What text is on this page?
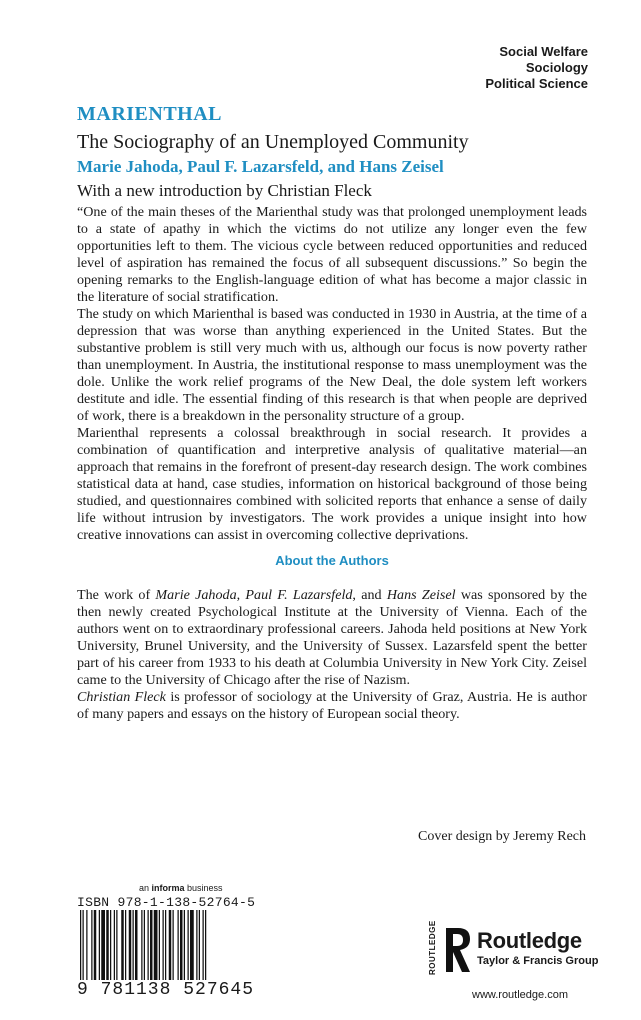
Social Welfare
Sociology
Political Science
MARIENTHAL
The Sociography of an Unemployed Community
Marie Jahoda, Paul F. Lazarsfeld, and Hans Zeisel
With a new introduction by Christian Fleck

“One of the main theses of the Marienthal study was that prolonged unemployment leads to a state of apathy in which the victims do not utilize any longer even the few opportunities left to them. The vicious cycle between reduced opportunities and reduced level of aspiration has remained the focus of all subsequent discussions.” So begin the opening remarks to the English-language edition of what has become a major classic in the literature of social stratification.

The study on which Marienthal is based was conducted in 1930 in Austria, at the time of a depression that was worse than anything experienced in the United States. But the substantive problem is still very much with us, although our focus is now poverty rather than unemployment. In Austria, the institutional response to mass unemployment was the dole. Unlike the work relief programs of the New Deal, the dole system left workers destitute and idle. The essential finding of this research is that when people are deprived of work, there is a breakdown in the personality structure of a group.

Marienthal represents a colossal breakthrough in social research. It provides a combination of quantification and interpretive analysis of qualitative material—an approach that remains in the forefront of present-day research design. The work combines statistical data at hand, case studies, information on historical background of those being studied, and questionnaires combined with solicited reports that enhance a sense of daily life without intrusion by investigators. The work provides a unique insight into how creative innovations can assist in overcoming collective deprivations.

About the Authors

The work of Marie Jahoda, Paul F. Lazarsfeld, and Hans Zeisel was sponsored by the then newly created Psychological Institute at the University of Vienna. Each of the authors went on to extraordinary professional careers. Jahoda held positions at New York University, Brunel University, and the University of Sussex. Lazarsfeld spent the better part of his career from 1933 to his death at Columbia University in New York City. Zeisel came to the University of Chicago after the rise of Nazism.

Christian Fleck is professor of sociology at the University of Graz, Austria. He is author of many papers and essays on the history of European social theory.

Cover design by Jeremy Rech
an informa business
ISBN 978-1-138-52764-5
9 781138 527645
ROUTLEDGE Routledge
Taylor & Francis Group
www.routledge.com
